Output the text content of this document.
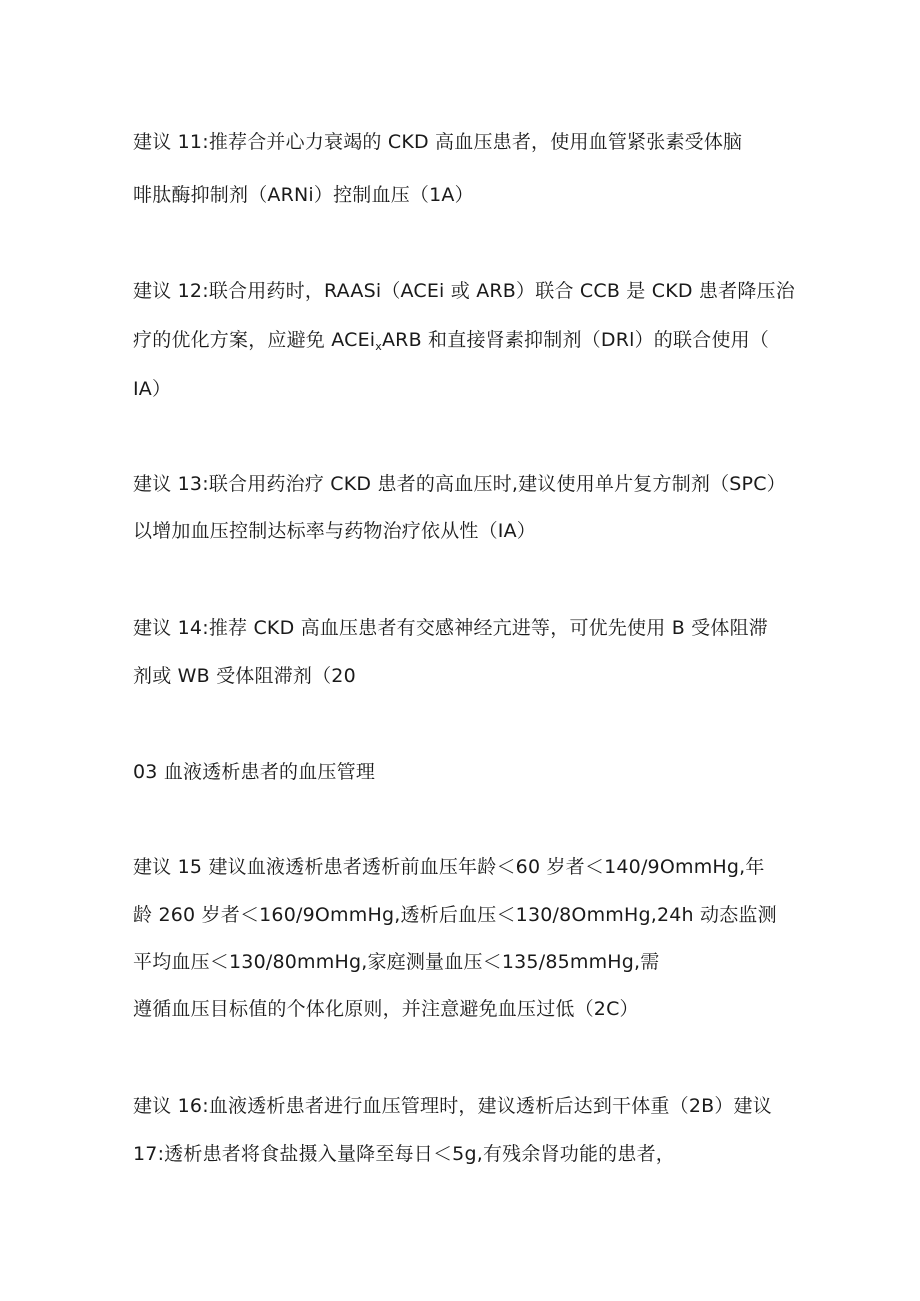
建议 11:推荐合并心力衰竭的 CKD 高血压患者，使用血管紧张素受体脑
啡肽酶抑制剂（ARNi）控制血压（1A）
建议 12:联合用药时，RAASi（ACEi 或 ARB）联合 CCB 是 CKD 患者降压治
疗的优化方案，应避免 ACEi$_x$ARB 和直接肾素抑制剂（DRl）的联合使用（
IA）
建议 13:联合用药治疗 CKD 患者的高血压时,建议使用单片复方制剂（SPC）
以增加血压控制达标率与药物治疗依从性（IA）
建议 14:推荐 CKD 高血压患者有交感神经亢进等，可优先使用 B 受体阻滞
剂或 WB 受体阻滞剂（20
03 血液透析患者的血压管理
建议 15 建议血液透析患者透析前血压年龄＜60 岁者＜140/9OmmHg,年
龄 260 岁者＜160/9OmmHg,透析后血压＜130/8OmmHg,24h 动态监测
平均血压＜130/80mmHg,家庭测量血压＜135/85mmHg,需
遵循血压目标值的个体化原则，并注意避免血压过低（2C）
建议 16:血液透析患者进行血压管理时，建议透析后达到干体重（2B）建议
17:透析患者将食盐摄入量降至每日＜5g,有残余肾功能的患者，
